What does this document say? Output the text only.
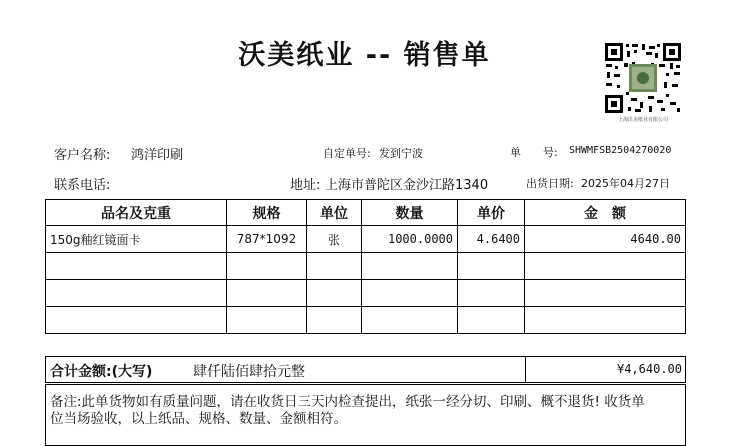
沃美纸业 -- 销售单
上海沃美纸业有限公司
客户名称: 鸿洋印刷	自定单号: 发到宁波	单　　号: SHWMFSB2504270020
联系电话:	地址: 上海市普陀区金沙江路1340	出货日期: 2025年04月27日
品名及克重	规格	单位	数量	单价	金　额
150g釉红镜面卡	787*1092	张	1000.0000	4.6400	4640.00

合计金额:(大写)	肆仟陆佰肆拾元整	¥4,640.00
备注:此单货物如有质量问题，请在收货日三天内检查提出，纸张一经分切、印刷、概不退货! 收货单位当场验收，以上纸品、规格、数量、金额相符。
